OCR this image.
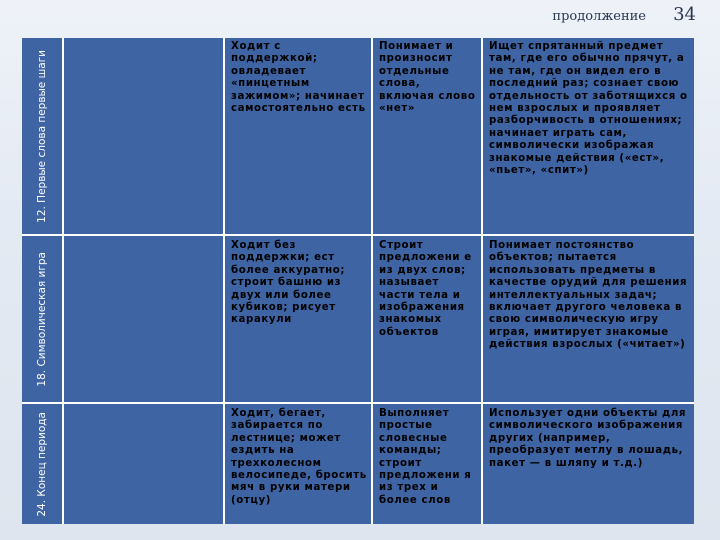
продолжение 34
12. Первые слова первые шаги
Ходит с поддержкой; овладевает «пинцетным зажимом»; начинает самостоятельно есть
Понимает и произносит отдельные слова, включая слово «нет»
Ищет спрятанный предмет там, где его обычно прячут, а не там, где он видел его в последний раз; сознает свою отдельность от заботящихся о нем взрослых и проявляет разборчивость в отношениях; начинает играть сам, символически изображая знакомые действия («ест», «пьет», «спит»)
18. Символическая игра
Ходит без поддержки; ест более аккуратно; строит башню из двух или более кубиков; рисует каракули
Строит предложени е из двух слов; называет части тела и изображения знакомых объектов
Понимает постоянство объектов; пытается использовать предметы в качестве орудий для решения интеллектуальных задач; включает другого человека в свою символическую игру играя, имитирует знакомые действия взрослых («читает»)
24. Конец периода	Ходит, бегает, забирается по лестнице; может ездить на трехколесном велосипеде, бросить мяч в руки матери (отцу)
Выполняет простые словесные команды; строит предложени я из трех и более слов
Использует одни объекты для символического изображения других (например, преобразует метлу в лошадь, пакет — в шляпу и т.д.)
